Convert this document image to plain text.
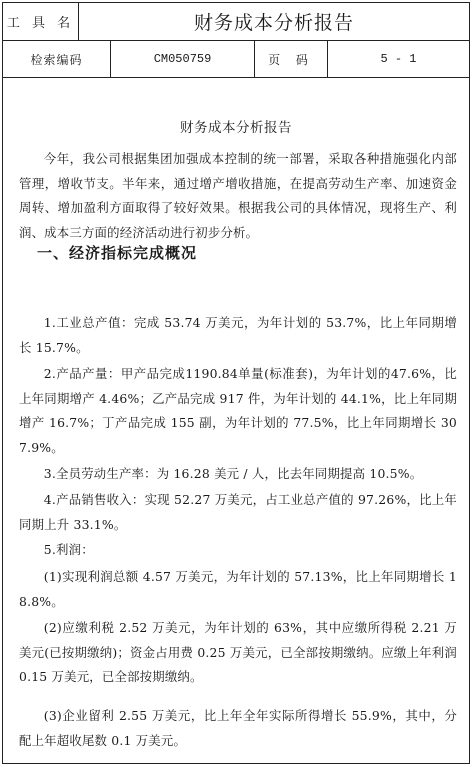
工 具 名	财务成本分析报告
检索编码	CM050759	页 码	5 - 1
财务成本分析报告
今年，我公司根据集团加强成本控制的统一部署，采取各种措施强化内部管理，增收节支。半年来，通过增产增收措施，在提高劳动生产率、加速资金周转、增加盈利方面取得了较好效果。根据我公司的具体情况，现将生产、利润、成本三方面的经济活动进行初步分析。
一、经济指标完成概况
1.工业总产值：完成 53.74 万美元，为年计划的 53.7%，比上年同期增长 15.7%。
2.产品产量：甲产品完成1190.84单量(标准套)，为年计划的47.6%，比上年同期增产 4.46%；乙产品完成 917 件，为年计划的 44.1%，比上年同期增产 16.7%；丁产品完成 155 副，为年计划的 77.5%，比上年同期增长 307.9%。
3.全员劳动生产率：为 16.28 美元 / 人，比去年同期提高 10.5%。
4.产品销售收入：实现 52.27 万美元，占工业总产值的 97.26%，比上年同期上升 33.1%。
5.利润：
(1)实现利润总额 4.57 万美元，为年计划的 57.13%，比上年同期增长 18.8%。
(2)应缴利税 2.52 万美元，为年计划的 63%，其中应缴所得税 2.21 万美元(已按期缴纳)；资金占用费 0.25 万美元，已全部按期缴纳。应缴上年利润 0.15 万美元，已全部按期缴纳。
(3)企业留利 2.55 万美元，比上年全年实际所得增长 55.9%，其中，分配上年超收尾数 0.1 万美元。
